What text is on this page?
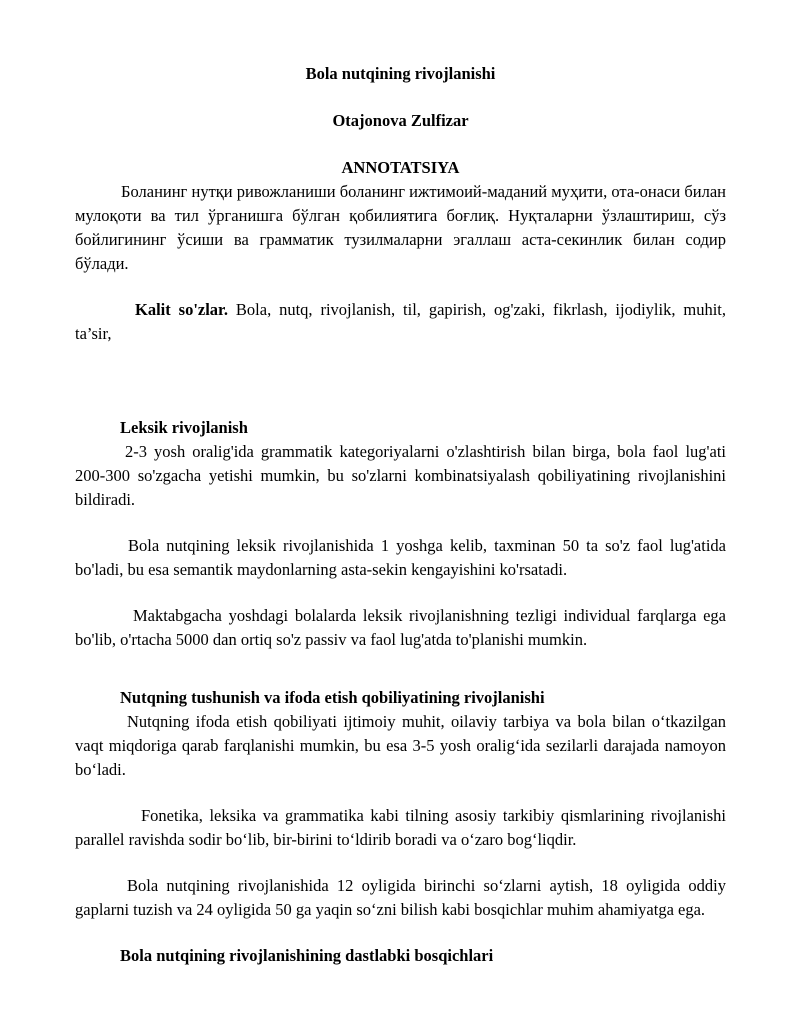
Bola nutqining rivojlanishi

Otajonova Zulfizar

ANNOTATSIYA

Боланинг нутқи ривожланиши боланинг ижтимоий-маданий муҳити, ота-онаси билан мулоқоти ва тил ўрганишга бўлган қобилиятига боғлиқ. Нуқталарни ўзлаштириш, сўз бойлигининг ўсиши ва грамматик тузилмаларни эгаллаш аста-секинлик билан содир бўлади.

Kalit so'zlar. Bola, nutq, rivojlanish, til, gapirish, og'zaki, fikrlash, ijodiylik, muhit, ta’sir,

Leksik rivojlanish

2-3 yosh oralig'ida grammatik kategoriyalarni o'zlashtirish bilan birga, bola faol lug'ati 200-300 so'zgacha yetishi mumkin, bu so'zlarni kombinatsiyalash qobiliyatining rivojlanishini bildiradi.

Bola nutqining leksik rivojlanishida 1 yoshga kelib, taxminan 50 ta so'z faol lug'atida bo'ladi, bu esa semantik maydonlarning asta-sekin kengayishini ko'rsatadi.

Maktabgacha yoshdagi bolalarda leksik rivojlanishning tezligi individual farqlarga ega bo'lib, o'rtacha 5000 dan ortiq so'z passiv va faol lug'atda to'planishi mumkin.

Nutqning tushunish va ifoda etish qobiliyatining rivojlanishi

Nutqning ifoda etish qobiliyati ijtimoiy muhit, oilaviy tarbiya va bola bilan o‘tkazilgan vaqt miqdoriga qarab farqlanishi mumkin, bu esa 3-5 yosh oralig‘ida sezilarli darajada namoyon bo‘ladi.

Fonetika, leksika va grammatika kabi tilning asosiy tarkibiy qismlarining rivojlanishi parallel ravishda sodir bo‘lib, bir-birini to‘ldirib boradi va o‘zaro bog‘liqdir.

Bola nutqining rivojlanishida 12 oyligida birinchi so‘zlarni aytish, 18 oyligida oddiy gaplarni tuzish va 24 oyligida 50 ga yaqin so‘zni bilish kabi bosqichlar muhim ahamiyatga ega.

Bola nutqining rivojlanishining dastlabki bosqichlari
